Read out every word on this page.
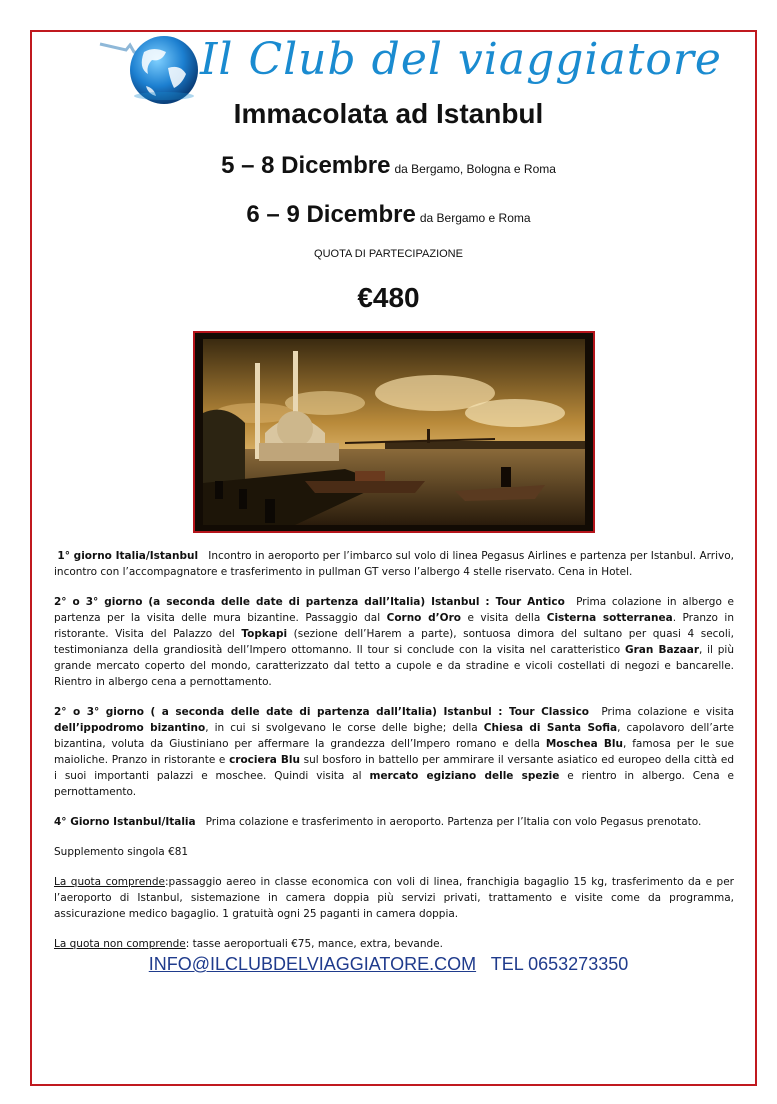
Il Club del viaggiatore
Immacolata ad Istanbul
5 – 8 Dicembre da Bergamo, Bologna e Roma
6 – 9 Dicembre da Bergamo e Roma
QUOTA DI PARTECIPAZIONE
€480

1° giorno Italia/Istanbul Incontro in aeroporto per l’imbarco sul volo di linea Pegasus Airlines e partenza per Istanbul. Arrivo, incontro con l’accompagnatore e trasferimento in pullman GT verso l’albergo 4 stelle riservato. Cena in Hotel.

2° o 3° giorno (a seconda delle date di partenza dall’Italia) Istanbul : Tour Antico Prima colazione in albergo e partenza per la visita delle mura bizantine. Passaggio dal Corno d’Oro e visita della Cisterna sotterranea. Pranzo in ristorante. Visita del Palazzo del Topkapi (sezione dell’Harem a parte), sontuosa dimora del sultano per quasi 4 secoli, testimonianza della grandiosità dell’Impero ottomanno. Il tour si conclude con la visita nel caratteristico Gran Bazaar, il più grande mercato coperto del mondo, caratterizzato dal tetto a cupole e da stradine e vicoli costellati di negozi e bancarelle. Rientro in albergo cena a pernottamento.

2° o 3° giorno ( a seconda delle date di partenza dall’Italia) Istanbul : Tour Classico Prima colazione e visita dell’ippodromo bizantino, in cui si svolgevano le corse delle bighe; della Chiesa di Santa Sofia, capolavoro dell’arte bizantina, voluta da Giustiniano per affermare la grandezza dell’Impero romano e della Moschea Blu, famosa per le sue maioliche. Pranzo in ristorante e crociera Blu sul bosforo in battello per ammirare il versante asiatico ed europeo della città ed i suoi importanti palazzi e moschee. Quindi visita al mercato egiziano delle spezie e rientro in albergo. Cena e pernottamento.

4° Giorno Istanbul/Italia Prima colazione e trasferimento in aeroporto. Partenza per l’Italia con volo Pegasus prenotato.

Supplemento singola €81

La quota comprende:passaggio aereo in classe economica con voli di linea, franchigia bagaglio 15 kg, trasferimento da e per l’aeroporto di Istanbul, sistemazione in camera doppia più servizi privati, trattamento e visite come da programma, assicurazione medico bagaglio. 1 gratuità ogni 25 paganti in camera doppia.

La quota non comprende: tasse aeroportuali €75, mance, extra, bevande.

INFO@ILCLUBDELVIAGGIATORE.COM TEL 0653273350
